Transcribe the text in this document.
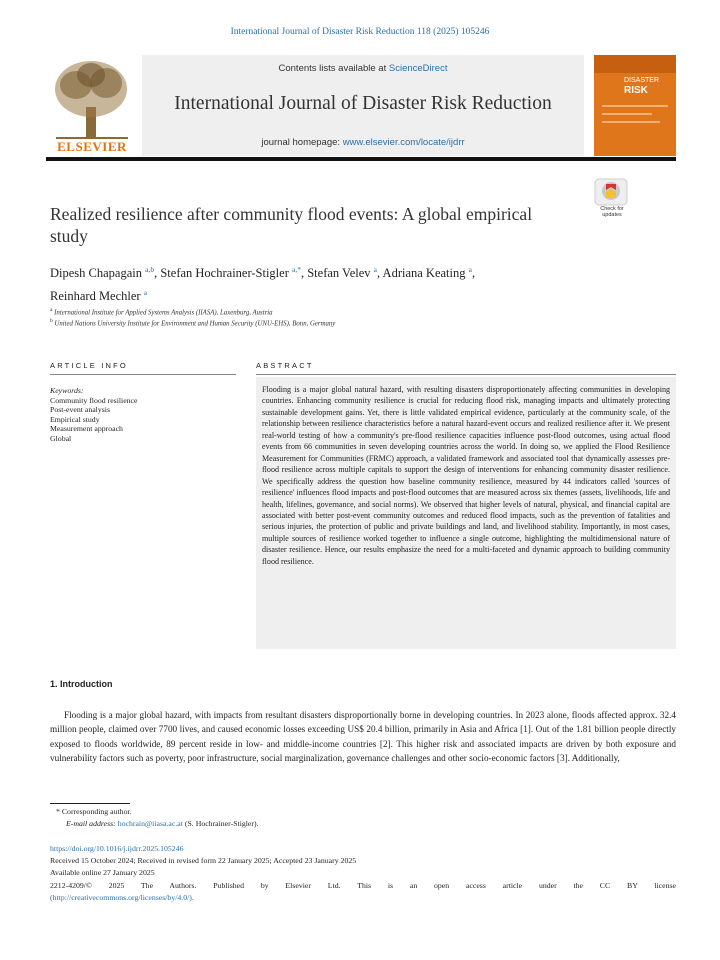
International Journal of Disaster Risk Reduction 118 (2025) 105246
ELSEVIER
Contents lists available at ScienceDirect
International Journal of Disaster Risk Reduction
journal homepage: www.elsevier.com/locate/ijdrr
DISASTER
RISK
Check for updates
Realized resilience after community flood events: A global empirical study
Dipesh Chapagain $^{a,b}$, Stefan Hochrainer-Stigler $^{a,*}$, Stefan Velev $^a$, Adriana Keating $^a$,
Reinhard Mechler $^a$
$^a$ International Institute for Applied Systems Analysis (IIASA), Laxenburg, Austria
$^b$ United Nations University Institute for Environment and Human Security (UNU-EHS), Bonn, Germany
ARTICLE INFO
Keywords:
Community flood resilience
Post-event analysis
Empirical study
Measurement approach
Global
ABSTRACT
Flooding is a major global natural hazard, with resulting disasters disproportionately affecting communities in developing countries. Enhancing community resilience is crucial for reducing flood risk, managing impacts and ultimately protecting sustainable development gains. Yet, there is little validated empirical evidence, particularly at the community scale, of the relationship between resilience characteristics before a natural hazard-event occurs and realized resilience after it. We present real-world testing of how a community's pre-flood resilience capacities influence post-flood outcomes, using actual flood events from 66 communities in seven developing countries across the world. In doing so, we applied the Flood Resilience Measurement for Communities (FRMC) approach, a validated framework and associated tool that dynamically assesses pre-flood resilience across multiple capitals to support the design of interventions for enhancing community disaster resilience. We specifically address the question how baseline community resilience, measured by 44 indicators called 'sources of resilience' influences flood impacts and post-flood outcomes that are measured across six themes (assets, livelihoods, life and health, lifelines, governance, and social norms). We observed that higher levels of natural, physical, and financial capital are associated with better post-event community outcomes and reduced flood impacts, such as the prevention of fatalities and serious injuries, the protection of public and private buildings and land, and livelihood stability. Importantly, in most cases, multiple sources of resilience worked together to influence a single outcome, highlighting the multidimensional nature of disaster resilience. Hence, our results emphasize the need for a multi-faceted and dynamic approach to building community flood resilience.
1. Introduction
Flooding is a major global hazard, with impacts from resultant disasters disproportionally borne in developing countries. In 2023 alone, floods affected approx. 32.4 million people, claimed over 7700 lives, and caused economic losses exceeding US$ 20.4 billion, primarily in Asia and Africa [1]. Out of the 1.81 billion people directly exposed to floods worldwide, 89 percent reside in low- and middle-income countries [2]. This higher risk and associated impacts are driven by both exposure and vulnerability factors such as poverty, poor infrastructure, social marginalization, governance challenges and other socio-economic factors [3]. Additionally,
* Corresponding author.
E-mail address: hochrain@iiasa.ac.at (S. Hochrainer-Stigler).
https://doi.org/10.1016/j.ijdrr.2025.105246
Received 15 October 2024; Received in revised form 22 January 2025; Accepted 23 January 2025
Available online 27 January 2025
2212-4209/© 2025 The Authors. Published by Elsevier Ltd. This is an open access article under the CC BY license
(http://creativecommons.org/licenses/by/4.0/).
